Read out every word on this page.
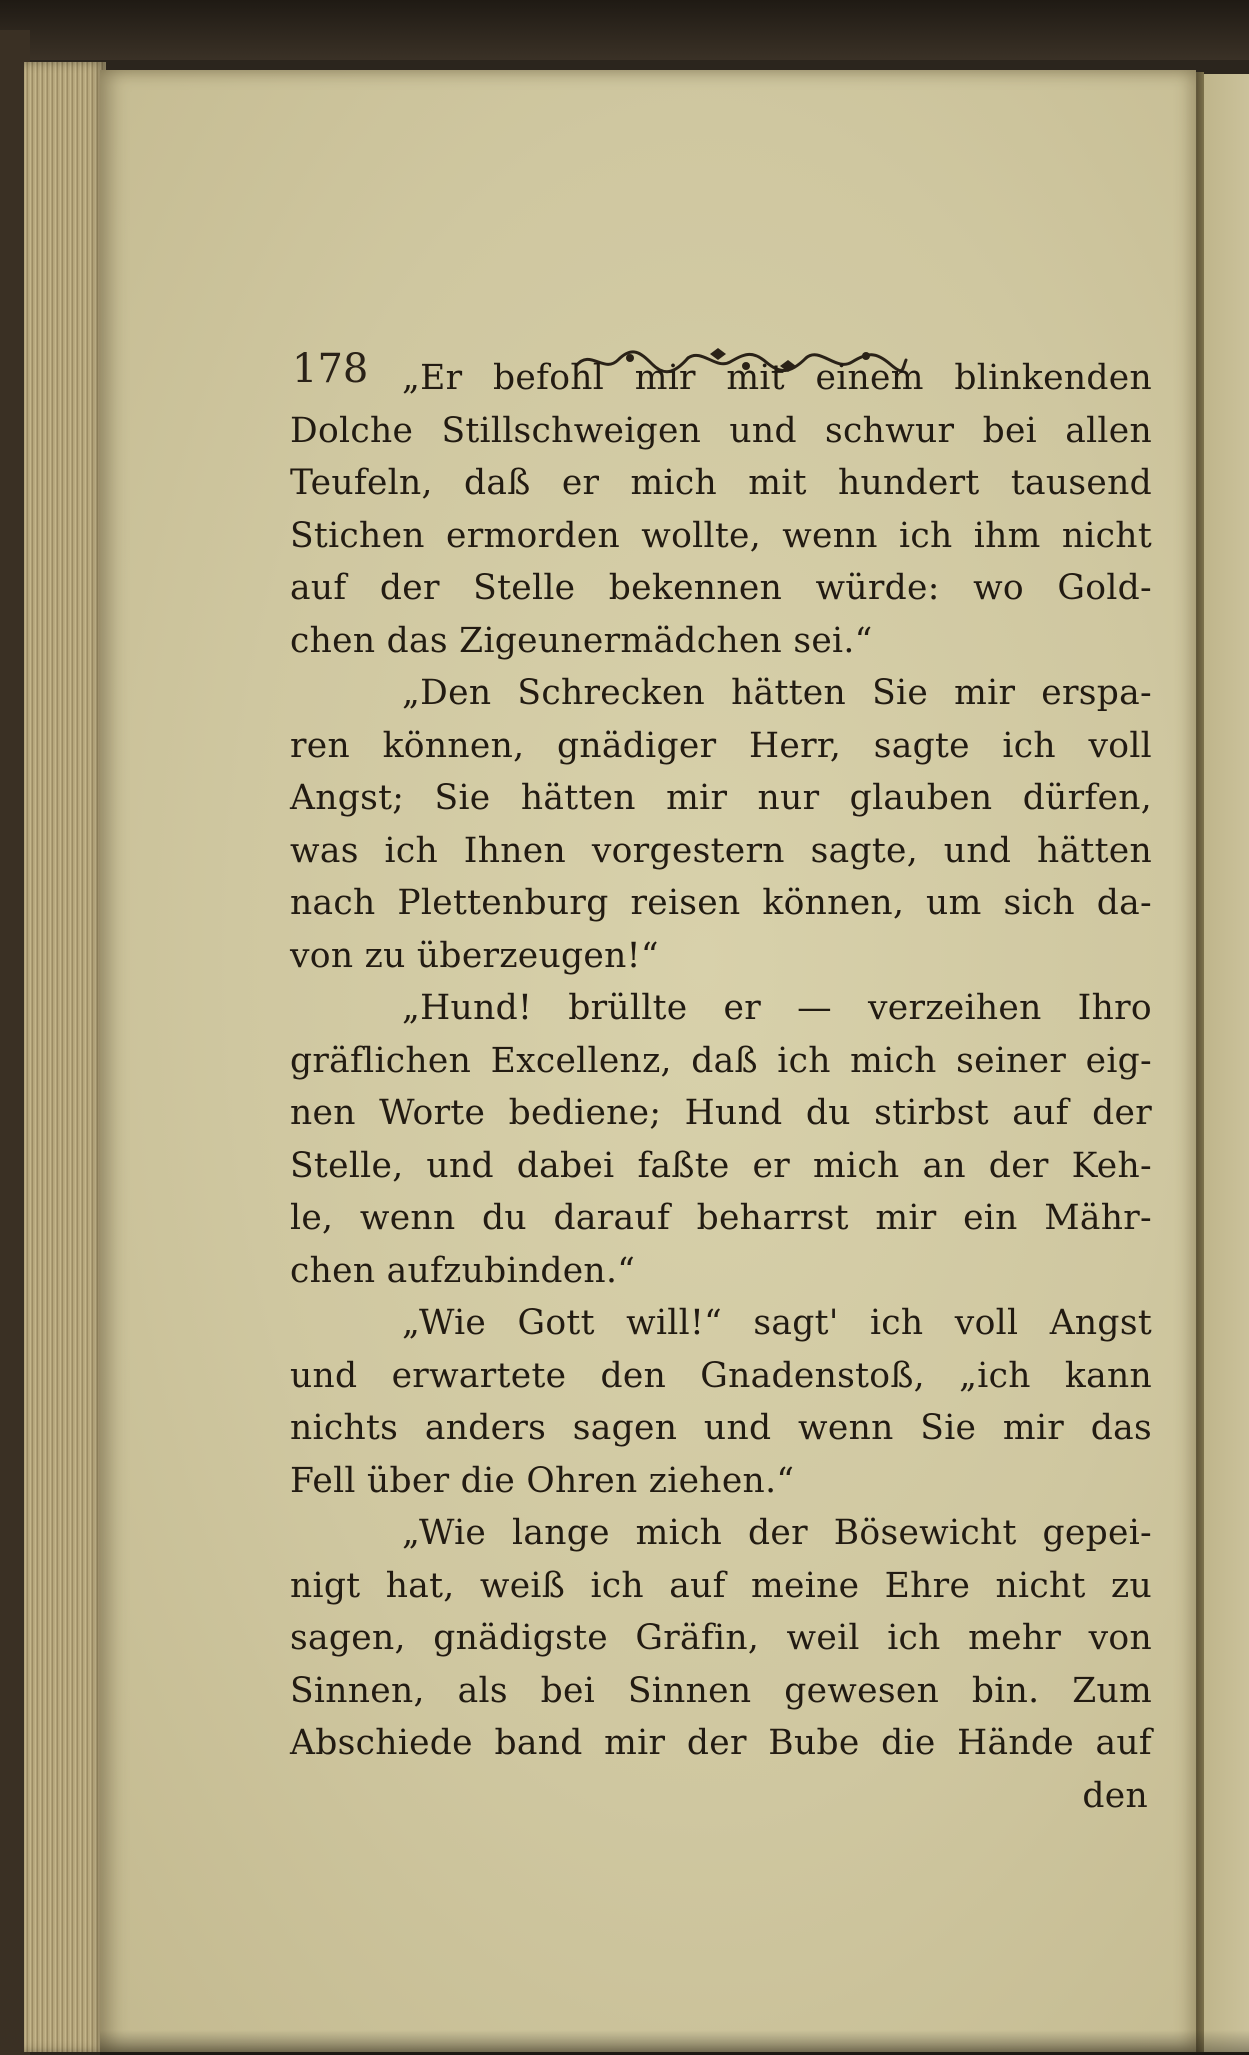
178 „Er befohl mir mit einem blinkenden
Dolche Stillschweigen und schwur bei allen
Teufeln, daß er mich mit hundert tausend
Stichen ermorden wollte, wenn ich ihm nicht
auf der Stelle bekennen würde: wo Gold-
chen das Zigeunermädchen sei.“
„Den Schrecken hätten Sie mir erspa-
ren können, gnädiger Herr, sagte ich voll
Angst; Sie hätten mir nur glauben dürfen,
was ich Ihnen vorgestern sagte, und hätten
nach Plettenburg reisen können, um sich da-
von zu überzeugen!“
„Hund! brüllte er — verzeihen Ihro
gräflichen Excellenz, daß ich mich seiner eig-
nen Worte bediene; Hund du stirbst auf der
Stelle, und dabei faßte er mich an der Keh-
le, wenn du darauf beharrst mir ein Mähr-
chen aufzubinden.“
„Wie Gott will!“ sagt' ich voll Angst
und erwartete den Gnadenstoß, „ich kann
nichts anders sagen und wenn Sie mir das
Fell über die Ohren ziehen.“
„Wie lange mich der Bösewicht gepei-
nigt hat, weiß ich auf meine Ehre nicht zu
sagen, gnädigste Gräfin, weil ich mehr von
Sinnen, als bei Sinnen gewesen bin. Zum
Abschiede band mir der Bube die Hände auf
den
